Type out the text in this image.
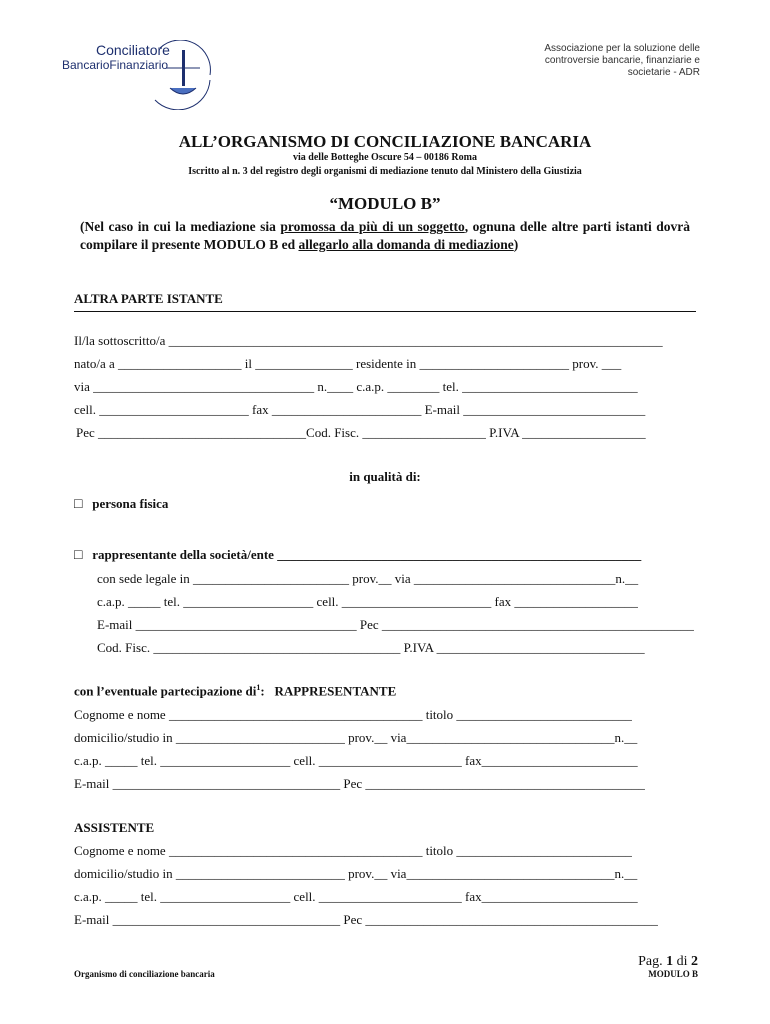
Conciliatore
BancarioFinanziario
Associazione per la soluzione delle controversie bancarie, finanziarie e societarie - ADR
ALL’ORGANISMO DI CONCILIAZIONE BANCARIA
via delle Botteghe Oscure 54 – 00186 Roma
Iscritto al n. 3 del registro degli organismi di mediazione tenuto dal Ministero della Giustizia
“MODULO B”
(Nel caso in cui la mediazione sia promossa da più di un soggetto, ognuna delle altre parti istanti dovrà compilare il presente MODULO B ed allegarlo alla domanda di mediazione)
ALTRA PARTE ISTANTE
Il/la sottoscritto/a ____________________________________________________________________________
nato/a a ___________________ il _______________ residente in _______________________ prov. ___
via __________________________________ n.____ c.a.p. ________ tel. ___________________________
cell. _______________________ fax _______________________ E-mail ____________________________
Pec ________________________________Cod. Fisc. ___________________ P.IVA ___________________
in qualità di:
□ persona fisica
□ rappresentante della società/ente ________________________________________________________
con sede legale in ________________________ prov.__ via _______________________________n.__
c.a.p. _____ tel. ____________________ cell. _______________________ fax ___________________
E-mail __________________________________ Pec ________________________________________________
Cod. Fisc. ______________________________________ P.IVA ________________________________
con l’eventuale partecipazione $di^1$: RAPPRESENTANTE
Cognome e nome _______________________________________ titolo ___________________________
domicilio/studio in __________________________ prov.__ via________________________________n.__
c.a.p. _____ tel. ____________________ cell. ______________________ fax________________________
E-mail ___________________________________ Pec ___________________________________________
ASSISTENTE
Cognome e nome _______________________________________ titolo ___________________________
domicilio/studio in __________________________ prov.__ via________________________________n.__
c.a.p. _____ tel. ____________________ cell. ______________________ fax________________________
E-mail ___________________________________ Pec _____________________________________________
Pag. 1 di 2
Organismo di conciliazione bancaria	MODULO B
